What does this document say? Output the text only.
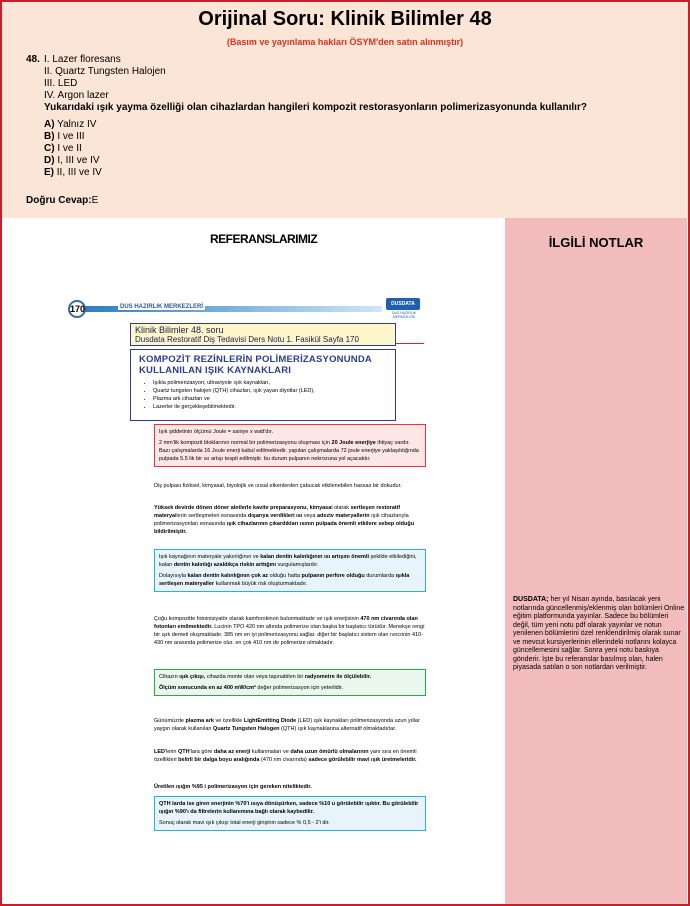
Orijinal Soru: Klinik Bilimler 48
(Basım ve yayınlama hakları ÖSYM'den satın alınmıştır)
48. I. Lazer floresans
II. Quartz Tungsten Halojen
III. LED
IV. Argon lazer
Yukarıdaki ışık yayma özelliği olan cihazlardan hangileri kompozit restorasyonların polimerizasyonunda kullanılır?
A) Yalnız IV
B) I ve III
C) I ve II
D) I, III ve IV
E) II, III ve IV
Doğru Cevap:E
REFERANSLARIMIZ	İLGİLİ NOTLAR
DUSDATA; her yıl Nisan ayında, basılacak yeni notlarında güncellenmiş/eklenmiş olan bölümleri Online eğitim platformunda yayınlar. Sadece bu bölümleri değil, tüm yeni notu pdf olarak yayınlar ve notun yenilenen bölümlerini özel renklendirilmiş olarak sunar ve mevcut kursiyerlerinin ellerindeki notlarını kolayca güncellemesini sağlar. Sonra yeni notu baskıya gönderir. İşte bu referanslar basılmış olan, halen piyasada satılan o son notlardan verilmiştir.
170	DUS HAZIRLIK MERKEZLERİ	DUSDATA
DUS HAZIRLIK MERKEZLERİ
Klinik Bilimler 48. soru
Dusdata Restoratif Diş Tedavisi Ders Notu 1. Fasikül Sayfa 170
KOMPOZİT REZİNLERİN POLİMERİZASYONUNDA
KULLANILAN IŞIK KAYNAKLARI
• Işıkla polimerizasyon; ultraviyole ışık kaynakları,
• Quartz tungsten halojen (QTH) cihazları, ışık yayan diyotlar (LED),
• Plazma ark cihazları ve
• Lazerler ile gerçekleşebilmektedir.

Işık şiddetinin ölçümü Joule = saniye x watt'dır.

2 mm'lik kompozit bloklarının normal bir polimerizasyonu oluşması için 20 Joule enerjiye ihtiyaç vardır. Bazı çalışmalarda 16 Joule enerji kabul edilmektedir. yapılan çalışmalarda 72 joule enerjiye yaklaşıldığında pulpada 5.5 lik bir ısı artışı tespit edilmiştir. bu durum pulpanın nekrozuna yol açacaktır.

Diş pulpası fiziksel, kimyasal, biyolojik ve ısısal etkenlerden çabucak etkilenebilen hassas bir dokudur.
Yüksek devirde dönen döner aletlerle kavite preparasyonu, kimyasal olarak sertleşen restoratif materyallerin sertleşmeleri esnasında dışarıya verdikleri ısı veya adeziv materyallerin ışık cihazlarıyla polimerizasyonları esnasında ışık cihazlarının çıkardıkları ısının pulpada önemli etkilere sebep olduğu bildirilmiştir.

Işık kaynağının materyale yakınlığının ve kalan dentin kalınlığının ısı artışını önemli şekilde etkilediğini, kalan dentin kalınlığı azaldıkça riskin arttığını vurgulamışlardır.

Dolayısıyla kalan dentin kalınlığının çok az olduğu hatta pulpanın perfore olduğu durumlarda ışıkla sertleşen materyaller kullanmak büyük risk oluşturmaktadır.

Çoğu kompozitte fotoinisiyatör olarak kamforokinon bulunmaktadır ve ışık enerjisinin 470 nm civarında olan fotonları emilmektedir. Lucinin TPO 420 nm altında polimerize olan başka bir başlatıcı türüdür. Menekşe rengi bir ışık demeti oluşmaktadır. 385 nm en iyi polimerizasyonu sağlar. diğer bir başlatıcı sistem olan ıvoconin 410- 430 nm arasında polimerize olur. en çok 410 nm de polimerize olmaktadır.

Cihazın ışık çıkışı, cihazda monte olan veya taşınabilen bir radyometre ile ölçülebilir.

Ölçüm sonucunda en az 400 mW/cm² değer polimerizasyon için yeterlidir.

Günümüzde plazma ark ve özellikle LightEmitting Diode (LED) ışık kaynakları polimerizasyonda uzun yıllar yaygın olarak kullanılan Quartz Tungsten Halogen (QTH) ışık kaynaklarına alternatif olmaktadırlar.
LED'lerin QTH'lara göre daha az enerji kullanmaları ve daha uzun ömürlü olmalarının yanı sıra en önemli özellikleri belirli bir dalga boyu aralığında (470 nm civarında) sadece görülebilir mavi ışık üretmeleridir.
Üretilen ışığın %95 i polimerizasyon için gereken niteliktedir.

QTH larda ise giren enerjinin %70'i ısıya dönüşürken, sadece %10 u görülebilir ışıktır. Bu görülebilir ışığın %90'ı da filtrelerin kullanımına bağlı olarak kaybedilir.

Sonuç olarak mavi ışık çıkışı total enerji girişinin sadece % 0,5 - 2'i dir.
